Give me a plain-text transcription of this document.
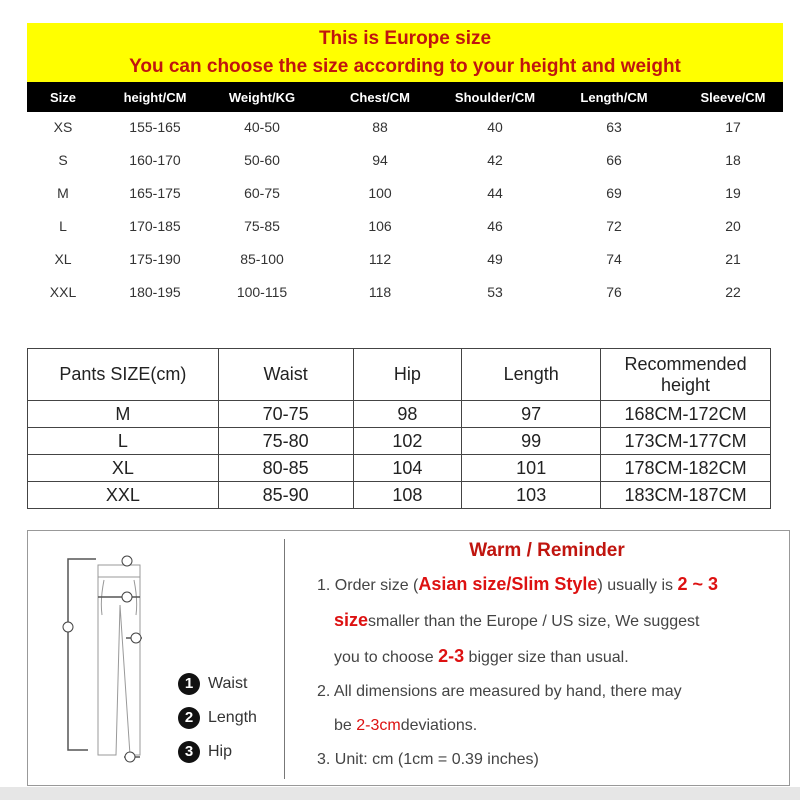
This is Europe size
You can choose the size according to your height and weight
Size	height/CM	Weight/KG	Chest/CM	Shoulder/CM	Length/CM	Sleeve/CM
XS	155-165	40-50	88	40	63	17
S	160-170	50-60	94	42	66	18
M	165-175	60-75	100	44	69	19
L	170-185	75-85	106	46	72	20
XL	175-190	85-100	112	49	74	21
XXL	180-195	100-115	118	53	76	22
Pants SIZE(cm)	Waist	Hip	Length	Recommended height
M	70-75	98	97	168CM-172CM
L	75-80	102	99	173CM-177CM
XL	80-85	104	101	178CM-182CM
XXL	85-90	108	103	183CM-187CM
1 Waist
2 Length
3 Hip
Warm / Reminder
1. Order size (Asian size/Slim Style) usually is 2 ~ 3
sizesmaller than the Europe / US size, We suggest
you to choose 2-3 bigger size than usual.
2. All dimensions are measured by hand, there may
be 2-3cmdeviations.
3. Unit: cm (1cm = 0.39 inches)
